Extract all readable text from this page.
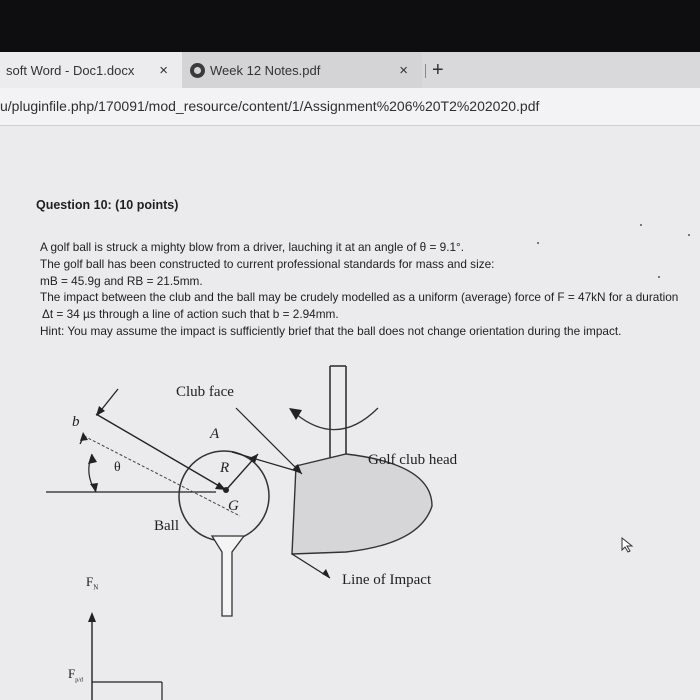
soft Word - Doc1.docx ×	Week 12 Notes.pdf	× +
u/pluginfile.php/170091/mod_resource/content/1/Assignment%206%20T2%202020.pdf
Question 10: (10 points)
A golf ball is struck a mighty blow from a driver, lauching it at an angle of θ = 9.1°.
The golf ball has been constructed to current professional standards for mass and size:
mB = 45.9g and RB = 21.5mm.
The impact between the club and the ball may be crudely modelled as a uniform (average) force of F = 47kN for a duration
Δt = 34 µs through a line of action such that b = 2.94mm.
Hint: You may assume the impact is sufficiently brief that the ball does not change orientation during the impact.
Club face
Golf club head
Ball
Line of Impact
b
θ
A
R
G
$F_N$
$F_{p/d}$
